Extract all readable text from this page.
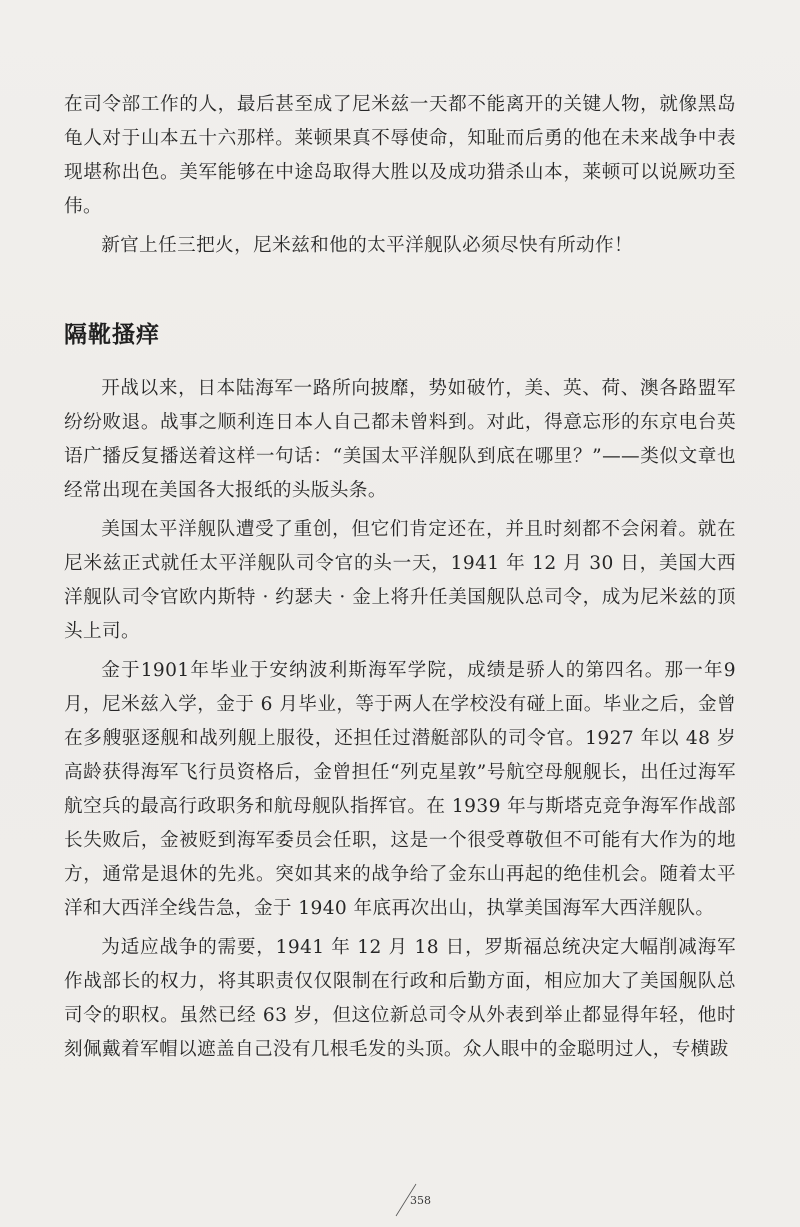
在司令部工作的人，最后甚至成了尼米兹一天都不能离开的关键人物，就像黑岛龟人对于山本五十六那样。莱顿果真不辱使命，知耻而后勇的他在未来战争中表现堪称出色。美军能够在中途岛取得大胜以及成功猎杀山本，莱顿可以说厥功至伟。

新官上任三把火，尼米兹和他的太平洋舰队必须尽快有所动作！

隔靴搔痒

开战以来，日本陆海军一路所向披靡，势如破竹，美、英、荷、澳各路盟军纷纷败退。战事之顺利连日本人自己都未曾料到。对此，得意忘形的东京电台英语广播反复播送着这样一句话：“美国太平洋舰队到底在哪里？”——类似文章也经常出现在美国各大报纸的头版头条。

美国太平洋舰队遭受了重创，但它们肯定还在，并且时刻都不会闲着。就在尼米兹正式就任太平洋舰队司令官的头一天，1941 年 12 月 30 日，美国大西洋舰队司令官欧内斯特 · 约瑟夫 · 金上将升任美国舰队总司令，成为尼米兹的顶头上司。

金于1901年毕业于安纳波利斯海军学院，成绩是骄人的第四名。那一年9月，尼米兹入学，金于 6 月毕业，等于两人在学校没有碰上面。毕业之后，金曾在多艘驱逐舰和战列舰上服役，还担任过潜艇部队的司令官。1927 年以 48 岁高龄获得海军飞行员资格后，金曾担任“列克星敦”号航空母舰舰长，出任过海军航空兵的最高行政职务和航母舰队指挥官。在 1939 年与斯塔克竞争海军作战部长失败后，金被贬到海军委员会任职，这是一个很受尊敬但不可能有大作为的地方，通常是退休的先兆。突如其来的战争给了金东山再起的绝佳机会。随着太平洋和大西洋全线告急，金于 1940 年底再次出山，执掌美国海军大西洋舰队。

为适应战争的需要，1941 年 12 月 18 日，罗斯福总统决定大幅削减海军作战部长的权力，将其职责仅仅限制在行政和后勤方面，相应加大了美国舰队总司令的职权。虽然已经 63 岁，但这位新总司令从外表到举止都显得年轻，他时刻佩戴着军帽以遮盖自己没有几根毛发的头顶。众人眼中的金聪明过人，专横跋

358
